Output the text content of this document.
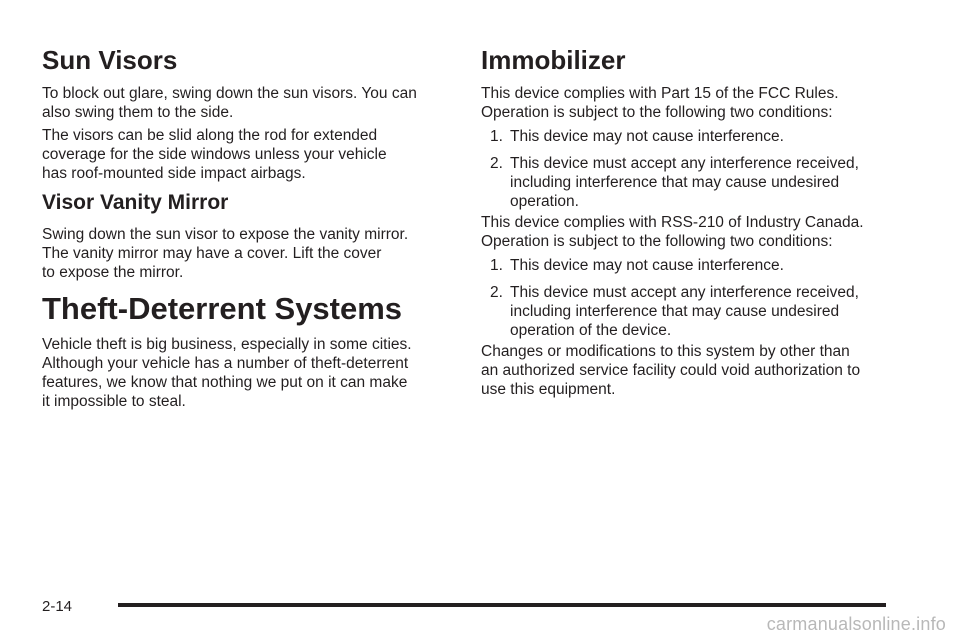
Sun Visors

To block out glare, swing down the sun visors. You can
also swing them to the side.

The visors can be slid along the rod for extended
coverage for the side windows unless your vehicle
has roof-mounted side impact airbags.

Visor Vanity Mirror

Swing down the sun visor to expose the vanity mirror.
The vanity mirror may have a cover. Lift the cover
to expose the mirror.

Theft-Deterrent Systems

Vehicle theft is big business, especially in some cities.
Although your vehicle has a number of theft-deterrent
features, we know that nothing we put on it can make
it impossible to steal.

Immobilizer

This device complies with Part 15 of the FCC Rules.
Operation is subject to the following two conditions:

1. This device may not cause interference.
2. This device must accept any interference received,
including interference that may cause undesired
operation.

This device complies with RSS-210 of Industry Canada.
Operation is subject to the following two conditions:

1. This device may not cause interference.
2. This device must accept any interference received,
including interference that may cause undesired
operation of the device.

Changes or modifications to this system by other than
an authorized service facility could void authorization to
use this equipment.

2-14
carmanualsonline.info
